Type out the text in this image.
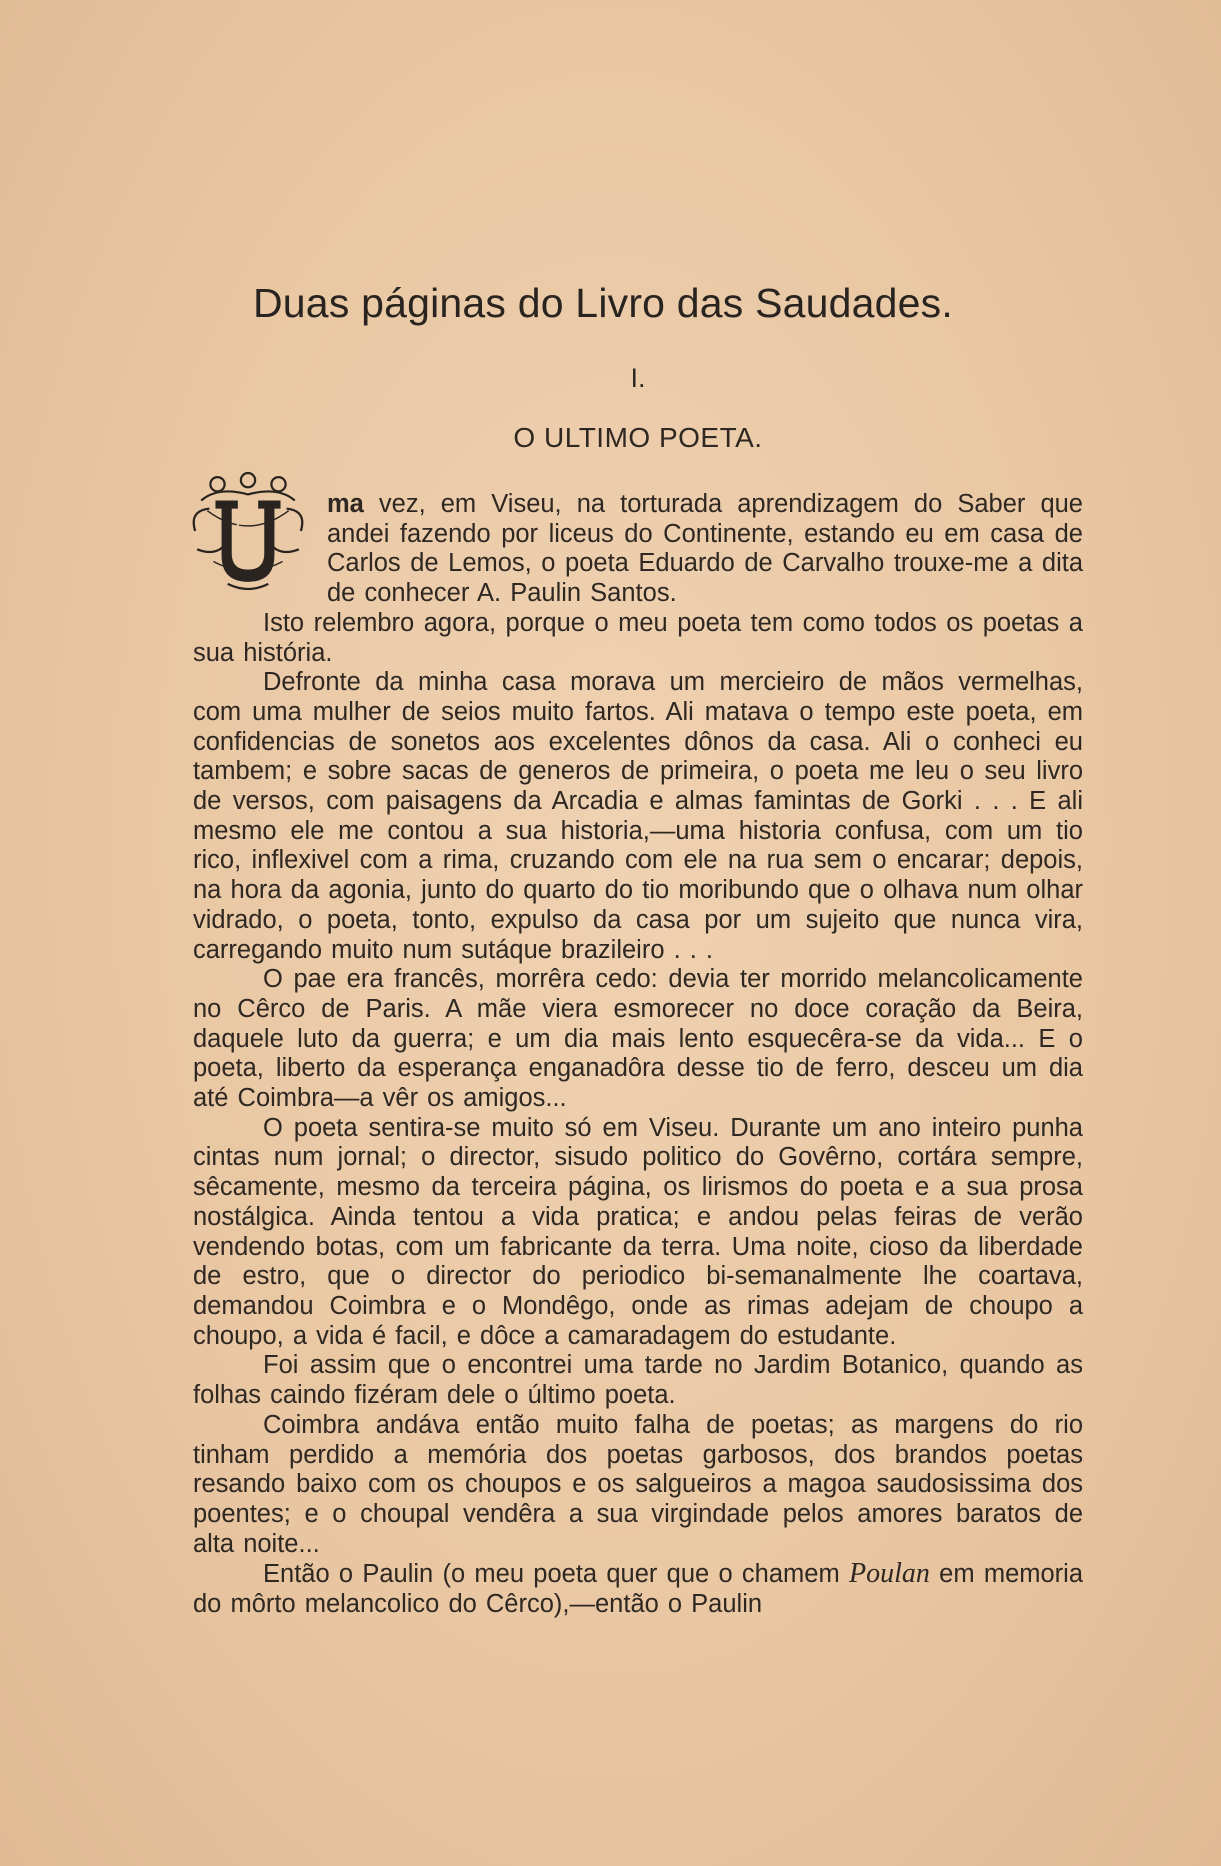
Duas páginas do Livro das Saudades.
I.
O ULTIMO POETA.

ma vez, em Viseu, na torturada aprendizagem do Saber que andei fazendo por liceus do Continente, estando eu em casa de Carlos de Lemos, o poeta Eduardo de Carvalho trouxe-me a dita de conhecer A. Paulin Santos.

Isto relembro agora, porque o meu poeta tem como todos os poetas a sua história.

Defronte da minha casa morava um mercieiro de mãos vermelhas, com uma mulher de seios muito fartos. Ali matava o tempo este poeta, em confidencias de sonetos aos excelentes dônos da casa. Ali o conheci eu tambem; e sobre sacas de generos de primeira, o poeta me leu o seu livro de versos, com paisagens da Arcadia e almas famintas de Gorki . . . E ali mesmo ele me contou a sua historia,—uma historia confusa, com um tio rico, inflexivel com a rima, cruzando com ele na rua sem o encarar; depois, na hora da agonia, junto do quarto do tio moribundo que o olhava num olhar vidrado, o poeta, tonto, expulso da casa por um sujeito que nunca vira, carregando muito num sutáque brazileiro . . .

O pae era francês, morrêra cedo: devia ter morrido melancolicamente no Cêrco de Paris. A mãe viera esmorecer no doce coração da Beira, daquele luto da guerra; e um dia mais lento esquecêra-se da vida... E o poeta, liberto da esperança enganadôra desse tio de ferro, desceu um dia até Coimbra—a vêr os amigos...

O poeta sentira-se muito só em Viseu. Durante um ano inteiro punha cintas num jornal; o director, sisudo politico do Govêrno, cortára sempre, sêcamente, mesmo da terceira página, os lirismos do poeta e a sua prosa nostálgica. Ainda tentou a vida pratica; e andou pelas feiras de verão vendendo botas, com um fabricante da terra. Uma noite, cioso da liberdade de estro, que o director do periodico bi-semanalmente lhe coartava, demandou Coimbra e o Mondêgo, onde as rimas adejam de choupo a choupo, a vida é facil, e dôce a camaradagem do estudante.

Foi assim que o encontrei uma tarde no Jardim Botanico, quando as folhas caindo fizéram dele o último poeta.

Coimbra andáva então muito falha de poetas; as margens do rio tinham perdido a memória dos poetas garbosos, dos brandos poetas resando baixo com os choupos e os salgueiros a magoa saudosissima dos poentes; e o choupal vendêra a sua virgindade pelos amores baratos de alta noite...

Então o Paulin (o meu poeta quer que o chamem Poulan em memoria do môrto melancolico do Cêrco),—então o Paulin
